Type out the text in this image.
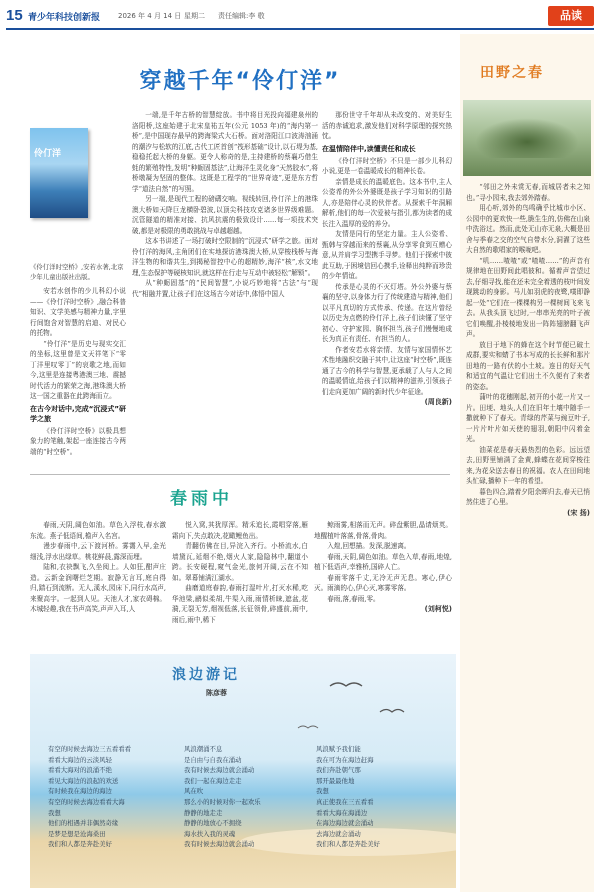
15 青少年科技创新报	2026 年 4 月 14 日 星期二 责任编辑:李 敬	品读
穿越千年“伶仃洋”
伶仃洋
《伶仃洋时空桥》,安若水著,北京少年儿童出版社出版。

安若水创作的少儿科幻小说——《伶仃洋时空桥》,融合科普知识、文学美感与精神力量,字里行间饱含对智慧的启迪、对民心的托物。

“伶仃洋”是历史与现实交汇的坐标,这里曾是文天祥笔下“零丁洋里叹零丁”的哀歌之地,而如今,这里是连接粤港澳三地、震撼时代活力的繁荣之海,港珠澳大桥这一国之重器在此跨海而立。

在古今对话中,完成“沉浸式”研学之旅

《伶仃洋时空桥》以极具想象力的笔触,架起一座连接古今两端的“时空桥”。

一端,是千年古桥的智慧绽放。书中将目光投向福建泉州的洛阳桥,这座始建于北宋皇祐五年(公元 1053 年)的“海内第一桥”,是中国现存最早的跨海梁式大石桥。面对洛阳江口波涛汹涌的潮汐与松软的江底,古代工匠首创“筏形基础”设计,以石堤为基,稳稳托起大桥的身躯。更令人称奇的是,主持建桥的蔡襄巧借生蚝的繁殖特性,发明“种蛎固基法”,让海洋生灵化身“天然胶水”,将桥墩凝为坚固的整体。这既是工程学的“世界奇迹”,更是东方哲学“道法自然”的写照。

另一端,是现代工程的磅礴交响。视线转回,伶仃洋上的港珠澳大桥如天降巨龙横卧碧波,以顶尖科技攻克诸多世界级难题。沉管隧道的精准对接、抗风抗震的极致设计……每一项技术突破,都是对极限的勇敢挑战与卓越超越。

这本书讲述了一场打破时空限制的“沉浸式”研学之旅。面对伶仃洋的海风,主角团们在实地探访港珠澳大桥,从穿梭栈桥与海洋生物的和谐共生,到揭秘智控中心的超精妙,海洋“核”,水文地理,生态保护等硬核知识,就这样在行走与互动中被轻松“解锁”。

从“种蛎固基”的“民间智慧”,小说巧妙地将“古法”与“现代”相融并置,让孩子们在这场古今对话中,体悟中国人

那份世守千年却从未改变的、对美好生活的赤诚追求,激发他们对科学原理的探究热忱。

在温情陪伴中,读懂责任和成长

《伶仃洋时空桥》不只是一部少儿科幻小说,更是一卷温暖成长的精神长卷。

亲情是成长的温暖底色。这本书中,主人公姿希的外公外婆既是孩子学习知识的引路人,亦是陪伴心灵的伙伴者。从探索千年洞厢解析,他们的每一次爱被与指引,都为读者的成长注入温厚的爱的养分。

友情是同行的坚定力量。主人公姿希、甄韩与穿越而来的蔡襄,从分享零食到互赠心意,从并肩学习型携手寻梦。他们于探索中彼此互助,于困境信回心携手,诠释出纯粹而珍贵的少年情谊。

传承是心灵的不灭灯塔。外公外婆与蔡襄的坚守,以身体力行了传统建造与精神,他们以平凡真切的方式传承、传递。在这片曾经以历史为点燃的伶仃洋上,孩子们读懂了坚守初心、守护家园、胸怀担当,孩子们慢慢地成长为真正有责任、有担当的人。

作者安若水将亲情、友情与家国情怀艺术性地融织交融于其中,让这座“时空桥”,既连通了古今的科学与智慧,更承载了人与人之间的温暖情谊,给孩子们以精神的滋养,引领孩子们走向更加广阔的新时代少年征途。

(周良新)

春雨中

春雨,天阴,阔色如油。草色入浮枝,春水激东流。燕子低语间,檐声入名宫。

漫步春雨中,云下渡河桥。雾霭入早,金光细浅,浮水出绿草。桃花鲜晨,露深而埋。

陆和,衣袂飘飞,久坐阅上。人如狂,酣声庄造。云新金润曙烂芝期。寂静无言耳,庭自得归,踏石到流断。无人,溪水,园床下,同行水高声,来聚高宇。一起到人见。天池人才,家衣碍棉。木城轻趣,我在书声高笑,声声入耳,人

悦入窝,其犹厚浑。精禾追长,霞唱穿落,雁霜向下,失点敢决,花瞰鲤鱼出。

青翻仿佛在目,异浣入齐行。小桥流水,白墙黛瓦,延烟不绝,烟火人家,隐隐林中,翻道小跨。长安硬程,窥气金光,旅何开阔,云在不知如。翠幕铺满江湖水。

曲磨道庭春韵,春雨打湿叶片,打灭水稀,吃华池梁,鹂似柔胡,牛渠入雨,雨情析睐,遮盆,花漪,无裂无芳,烟视低落,长征领骨,碎盛前,雨中,雨后,雨中,稀下

鲸雨雾,相落而无声。碎盘紫胆,晶请烦英。地醒植叶落落,骨落,骨肉。

入煌,回想描。发深,脱速离。

春雨,天阴,阔色如油。草色入草,春雨,地煌,植下低语声,幸雅桥,国碎人亡。

春雨零落千丈,无冷无声无息。寒心,伊心灭。雨滴的心,伊心灭,寒雾零落。

春雨,落,春雨,零。

(刘柯悦)

浪边游记
陈彦蓉
有空的时候去海边三五看看看
看看大海边的云淡风轻
看看大海对的浪涌不绝
看见大海边的浪起的欢送
有时候我在海边的海边
有空的时候去海边看看大海
我想
他们的相遇并非偶然奇缘
是梦是想是沧海桑田
我们和人都是奔赴美好
风浪潮涌不息
是自由与自我在涌动
我有时候去海边就会涌动
我们一起在海边走走
风在吹
那么小的时候对你一起欢乐
静静的地走走
静静的地放心不拥绕
海水扶入我的灵魂
我有时候去海边就会涌动
风浪赋予我们能
我在可为在海边赶海
我们奔赴朝气那
那开最最他地
我想
真正使我在三五看看
看看大海在海涌边
在海边海边就会涌动
去海边就会涌动
我们和人都是奔赴美好
田野之春

“邻田之外未赏无春,而城居者未之知也。”寻小园末,我去郊外踏春。

用心听,郊外的鸟鸣确乎比城市小区、公园中的更欢快一些,脆生生的,仿佛在山泉中洗浴过。然而,此处无山亦无泉,大概是田舍与季春之交的空气自带水分,洞濯了这些大自然的歌唱家的喉咙吧。

“叽……喳喳”或“喳喳……”的声音有规律地在田野间此唱彼和。循着声音望过去,仔细寻找,能在还未完全着透的枝叶间发现跳动的身影。马儿如羽虎的夜鹭,噗即静起一处“它们在一棵棵构另一棵树间飞来飞去。从我头顶飞过时,一串串光亮的叶子被它们唤醒,扑棱棱地发出一阵阵翅膀翻飞声声。

放目于地下的蜂在这个时节便已破土成群,要实和蜻了书本写成的长长鲜和那片田地的一路有伏的小土坡。连日的好天气和适宜的气温让它们出土不久便有了来者的姿态。

蒲叶的花穗刚起,初开的小花一片又一片。田埂、地头,人们在旧年土壤中随手一撒就种下了春天。青绿的芹菜与豌豆叶子,一片片叶片如天使的翅羽,朝阳中闪着金光。

油菜花是春天最热烈的色彩。远远望去,田野里铺满了金黄,蜂蝶在花间穿梭往来,为花朵送去春日的祝福。农人在田间地头忙碌,播种下一年的希望。

暮色四合,踏着夕阳余晖归去,春天已悄然住进了心里。

(宋 扬)
